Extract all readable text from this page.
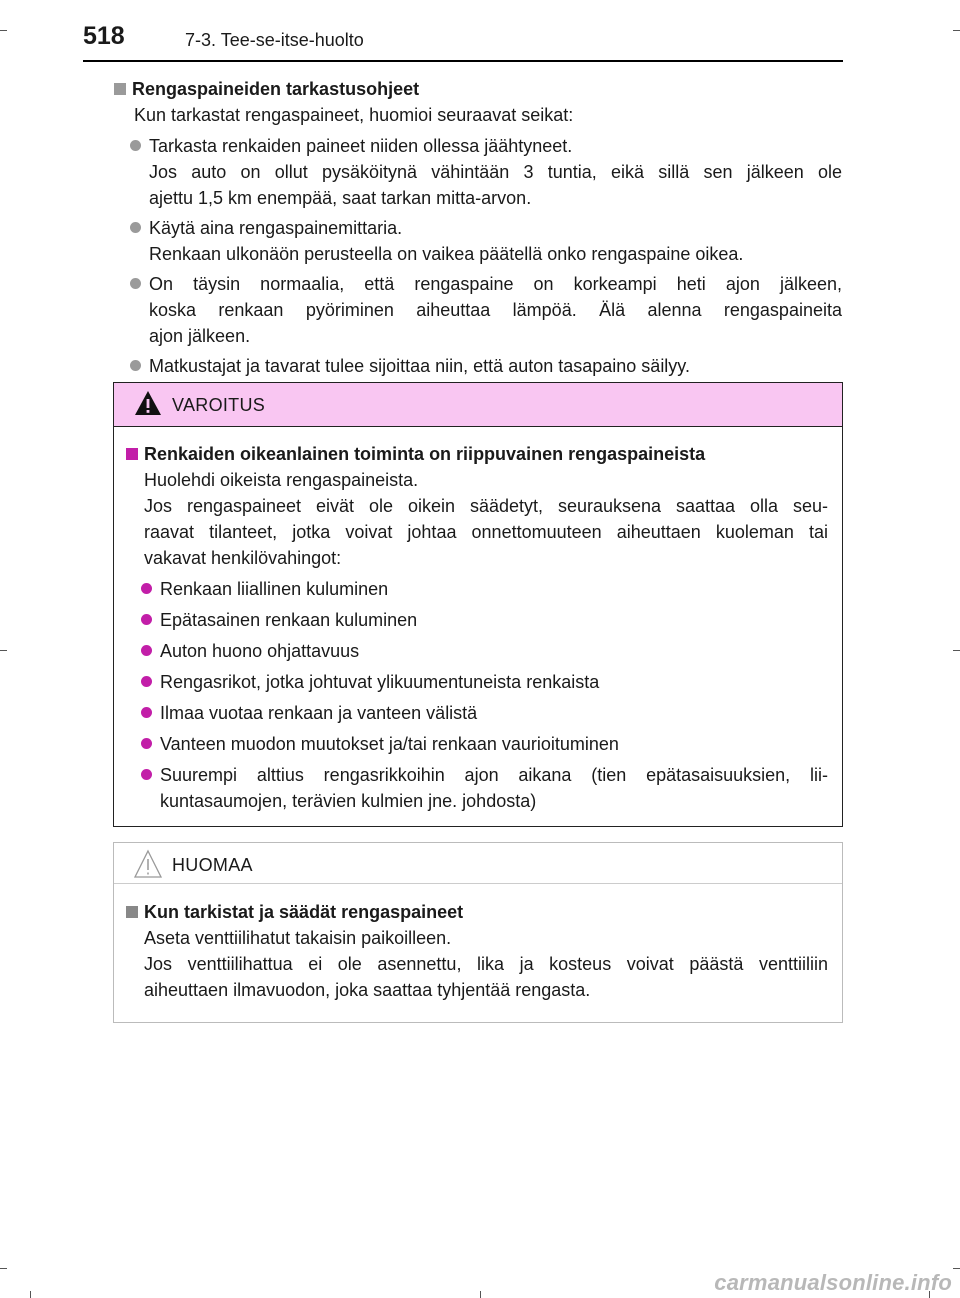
518	7-3. Tee-se-itse-huolto
Rengaspaineiden tarkastusohjeet
Kun tarkastat rengaspaineet, huomioi seuraavat seikat:
Tarkasta renkaiden paineet niiden ollessa jäähtyneet.
Jos auto on ollut pysäköitynä vähintään 3 tuntia, eikä sillä sen jälkeen ole
ajettu 1,5 km enempää, saat tarkan mitta-arvon.
Käytä aina rengaspainemittaria.
Renkaan ulkonäön perusteella on vaikea päätellä onko rengaspaine oikea.
On täysin normaalia, että rengaspaine on korkeampi heti ajon jälkeen,
koska renkaan pyöriminen aiheuttaa lämpöä. Älä alenna rengaspaineita
ajon jälkeen.
Matkustajat ja tavarat tulee sijoittaa niin, että auton tasapaino säilyy.
VAROITUS
Renkaiden oikeanlainen toiminta on riippuvainen rengaspaineista
Huolehdi oikeista rengaspaineista.
Jos rengaspaineet eivät ole oikein säädetyt, seurauksena saattaa olla seu-
raavat tilanteet, jotka voivat johtaa onnettomuuteen aiheuttaen kuoleman tai
vakavat henkilövahingot:
Renkaan liiallinen kuluminen
Epätasainen renkaan kuluminen
Auton huono ohjattavuus
Rengasrikot, jotka johtuvat ylikuumentuneista renkaista
Ilmaa vuotaa renkaan ja vanteen välistä
Vanteen muodon muutokset ja/tai renkaan vaurioituminen
Suurempi alttius rengasrikkoihin ajon aikana (tien epätasaisuuksien, lii-
kuntasaumojen, terävien kulmien jne. johdosta)
HUOMAA
Kun tarkistat ja säädät rengaspaineet
Aseta venttiilihatut takaisin paikoilleen.
Jos venttiilihattua ei ole asennettu, lika ja kosteus voivat päästä venttiiliin
aiheuttaen ilmavuodon, joka saattaa tyhjentää rengasta.
carmanualsonline.info
